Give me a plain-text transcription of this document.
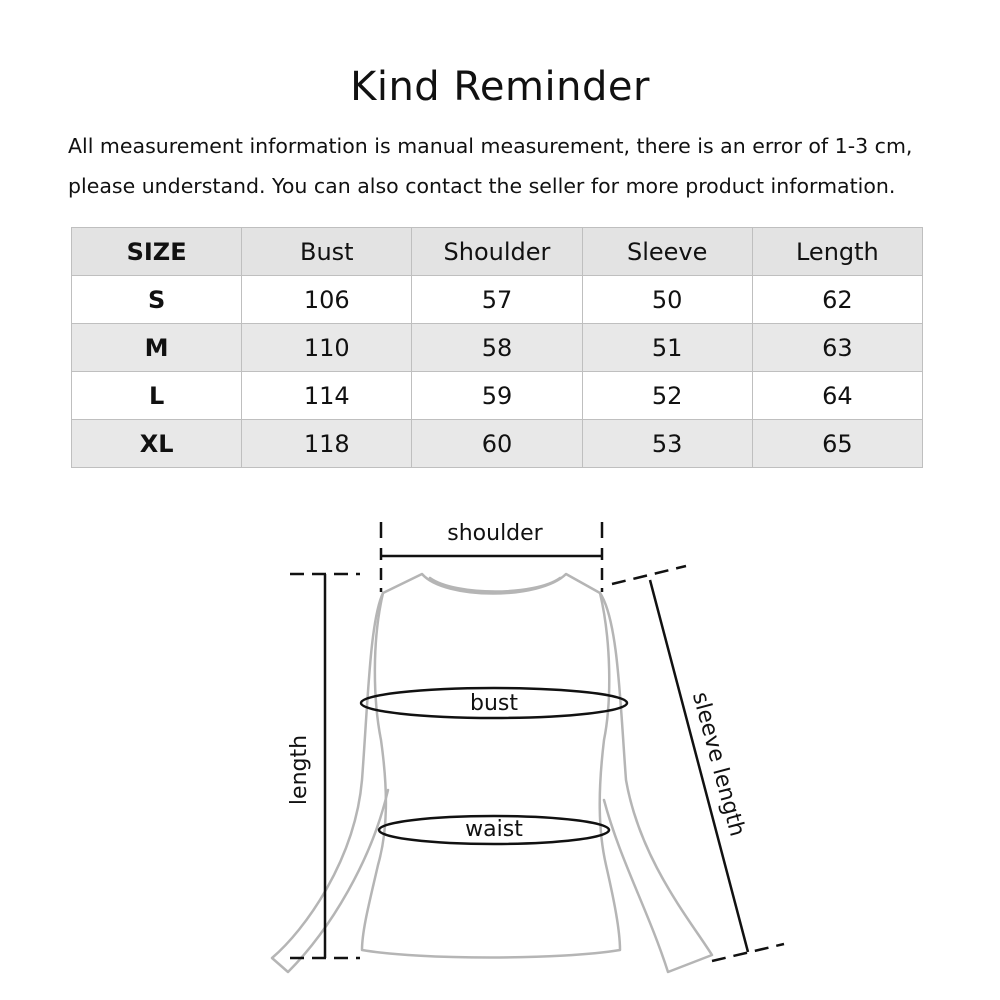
Kind Reminder
All measurement information is manual measurement, there is an error of 1-3 cm,
please understand. You can also contact the seller for more product information.
SIZE	Bust	Shoulder	Sleeve	Length
S	106	57	50	62
M	110	58	51	63
L	114	59	52	64
XL	118	60	53	65
shoulder
length	sleeve length
bust
waist
